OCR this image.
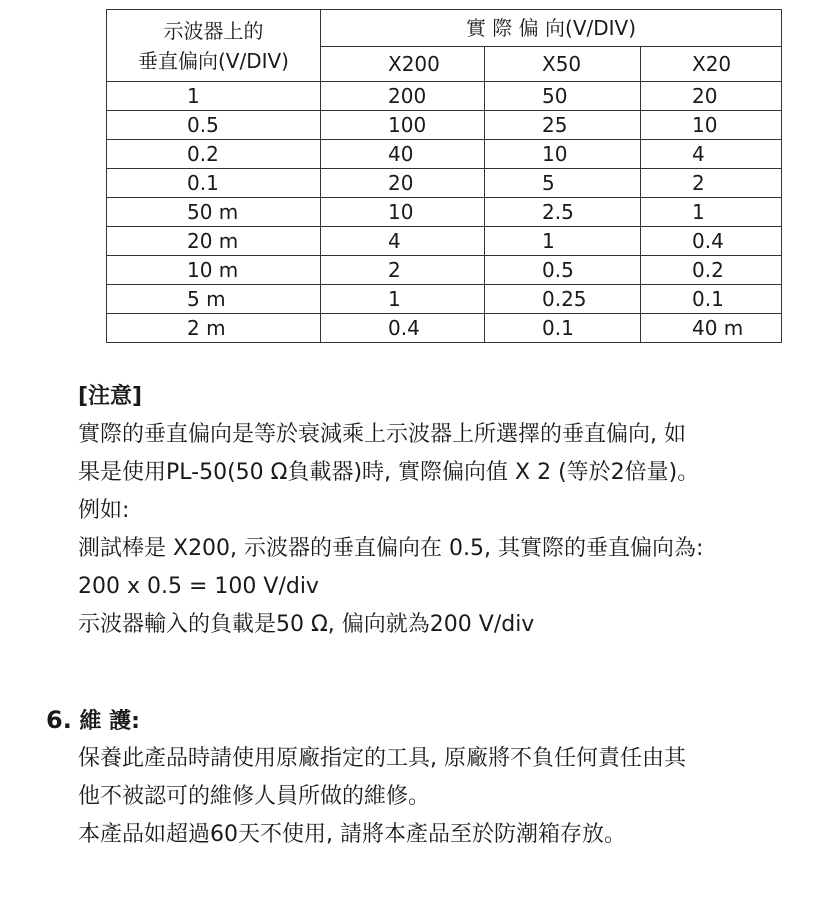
示波器上的
垂直偏向(V/DIV)	實 際 偏 向(V/DIV)		
	X200	X50	X20
1	200	50	20
0.5	100	25	10
0.2	40	10	4
0.1	20	5	2
50 m	10	2.5	1
20 m	4	1	0.4
10 m	2	0.5	0.2
5 m	1	0.25	0.1
2 m	0.4	0.1	40 m
[注意]
實際的垂直偏向是等於衰減乘上示波器上所選擇的垂直偏向, 如
果是使用PL-50(50 Ω負載器)時, 實際偏向值 X 2 (等於2倍量)。
例如:
測試棒是 X200, 示波器的垂直偏向在 0.5, 其實際的垂直偏向為:
200 x 0.5 = 100 V/div
示波器輸入的負載是50 Ω, 偏向就為200 V/div
6. 維 護:
保養此產品時請使用原廠指定的工具, 原廠將不負任何責任由其
他不被認可的維修人員所做的維修。
本產品如超過60天不使用, 請將本產品至於防潮箱存放。
